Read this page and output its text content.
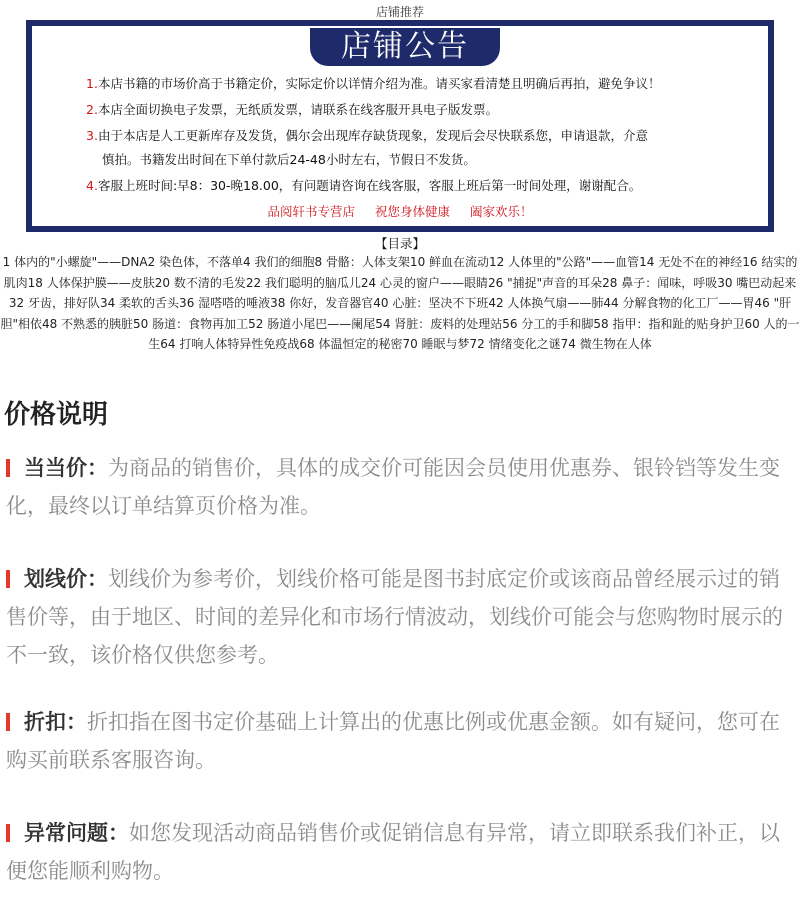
店铺推荐
店铺公告
1.本店书籍的市场价高于书籍定价，实际定价以详情介绍为准。请买家看清楚且明确后再拍，避免争议！
2.本店全面切换电子发票，无纸质发票，请联系在线客服开具电子版发票。
3.由于本店是人工更新库存及发货，偶尔会出现库存缺货现象，发现后会尽快联系您，申请退款，介意
慎拍。书籍发出时间在下单付款后24-48小时左右，节假日不发货。
4.客服上班时间:早8：30-晚18.00，有问题请咨询在线客服，客服上班后第一时间处理，谢谢配合。
品阅轩书专营店 祝您身体健康 阖家欢乐！
【目录】
1 体内的"小螺旋"——DNA2 染色体，不落单4 我们的细胞8 骨骼：人体支架10 鲜血在流动12 人体里的"公路"——血管14 无处不在的神经16 结实的肌肉18 人体保护膜——皮肤20 数不清的毛发22 我们聪明的脑瓜儿24 心灵的窗户——眼睛26 "捕捉"声音的耳朵28 鼻子：闻味，呼吸30 嘴巴动起来32 牙齿，排好队34 柔软的舌头36 湿嗒嗒的唾液38 你好，发音器官40 心脏：坚决不下班42 人体换气扇——肺44 分解食物的化工厂——胃46 "肝胆"相依48 不熟悉的胰脏50 肠道：食物再加工52 肠道小尾巴——阑尾54 肾脏：废料的处理站56 分工的手和脚58 指甲：指和趾的贴身护卫60 人的一生64 打响人体特异性免疫战68 体温恒定的秘密70 睡眠与梦72 情绪变化之谜74 微生物在人体
价格说明
当当价：为商品的销售价，具体的成交价可能因会员使用优惠券、银铃铛等发生变化，最终以订单结算页价格为准。
划线价：划线价为参考价，划线价格可能是图书封底定价或该商品曾经展示过的销售价等，由于地区、时间的差异化和市场行情波动，划线价可能会与您购物时展示的不一致，该价格仅供您参考。
折扣：折扣指在图书定价基础上计算出的优惠比例或优惠金额。如有疑问，您可在购买前联系客服咨询。
异常问题：如您发现活动商品销售价或促销信息有异常，请立即联系我们补正，以便您能顺利购物。
